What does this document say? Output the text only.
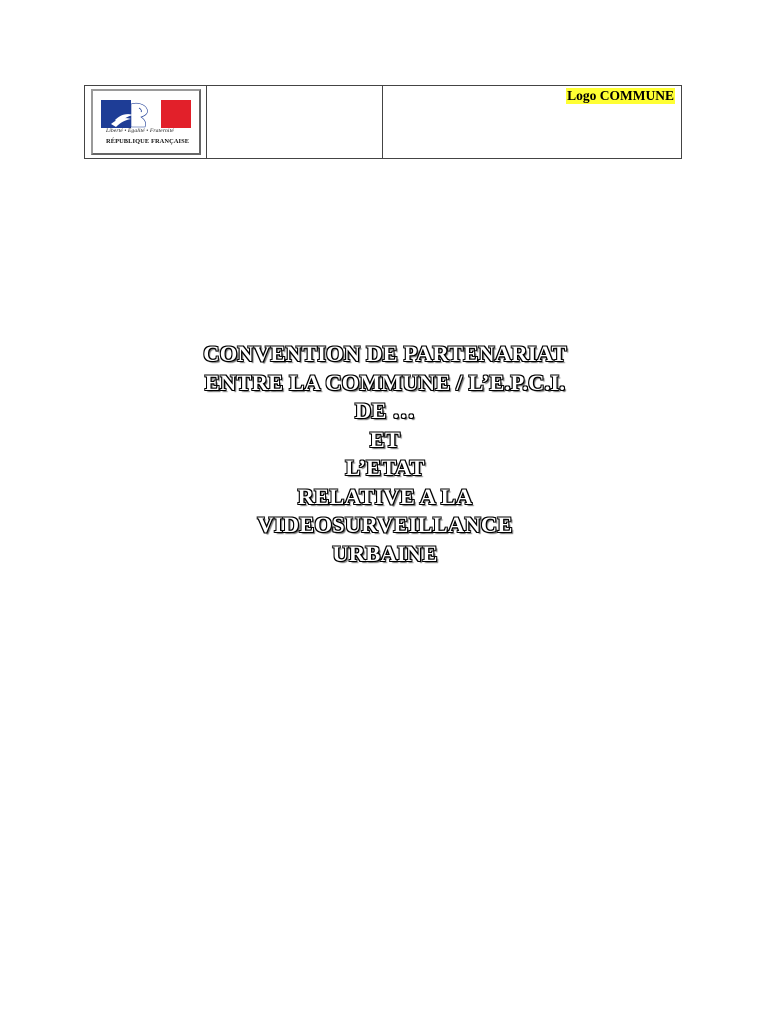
Logo COMMUNE
Liberté • Égalité • Fraternité
RÉPUBLIQUE FRANÇAISE
CONVENTION DE PARTENARIAT
ENTRE LA COMMUNE / L’E.P.C.I.
DE …
ET
L’ETAT
RELATIVE A LA
VIDEOSURVEILLANCE
URBAINE
